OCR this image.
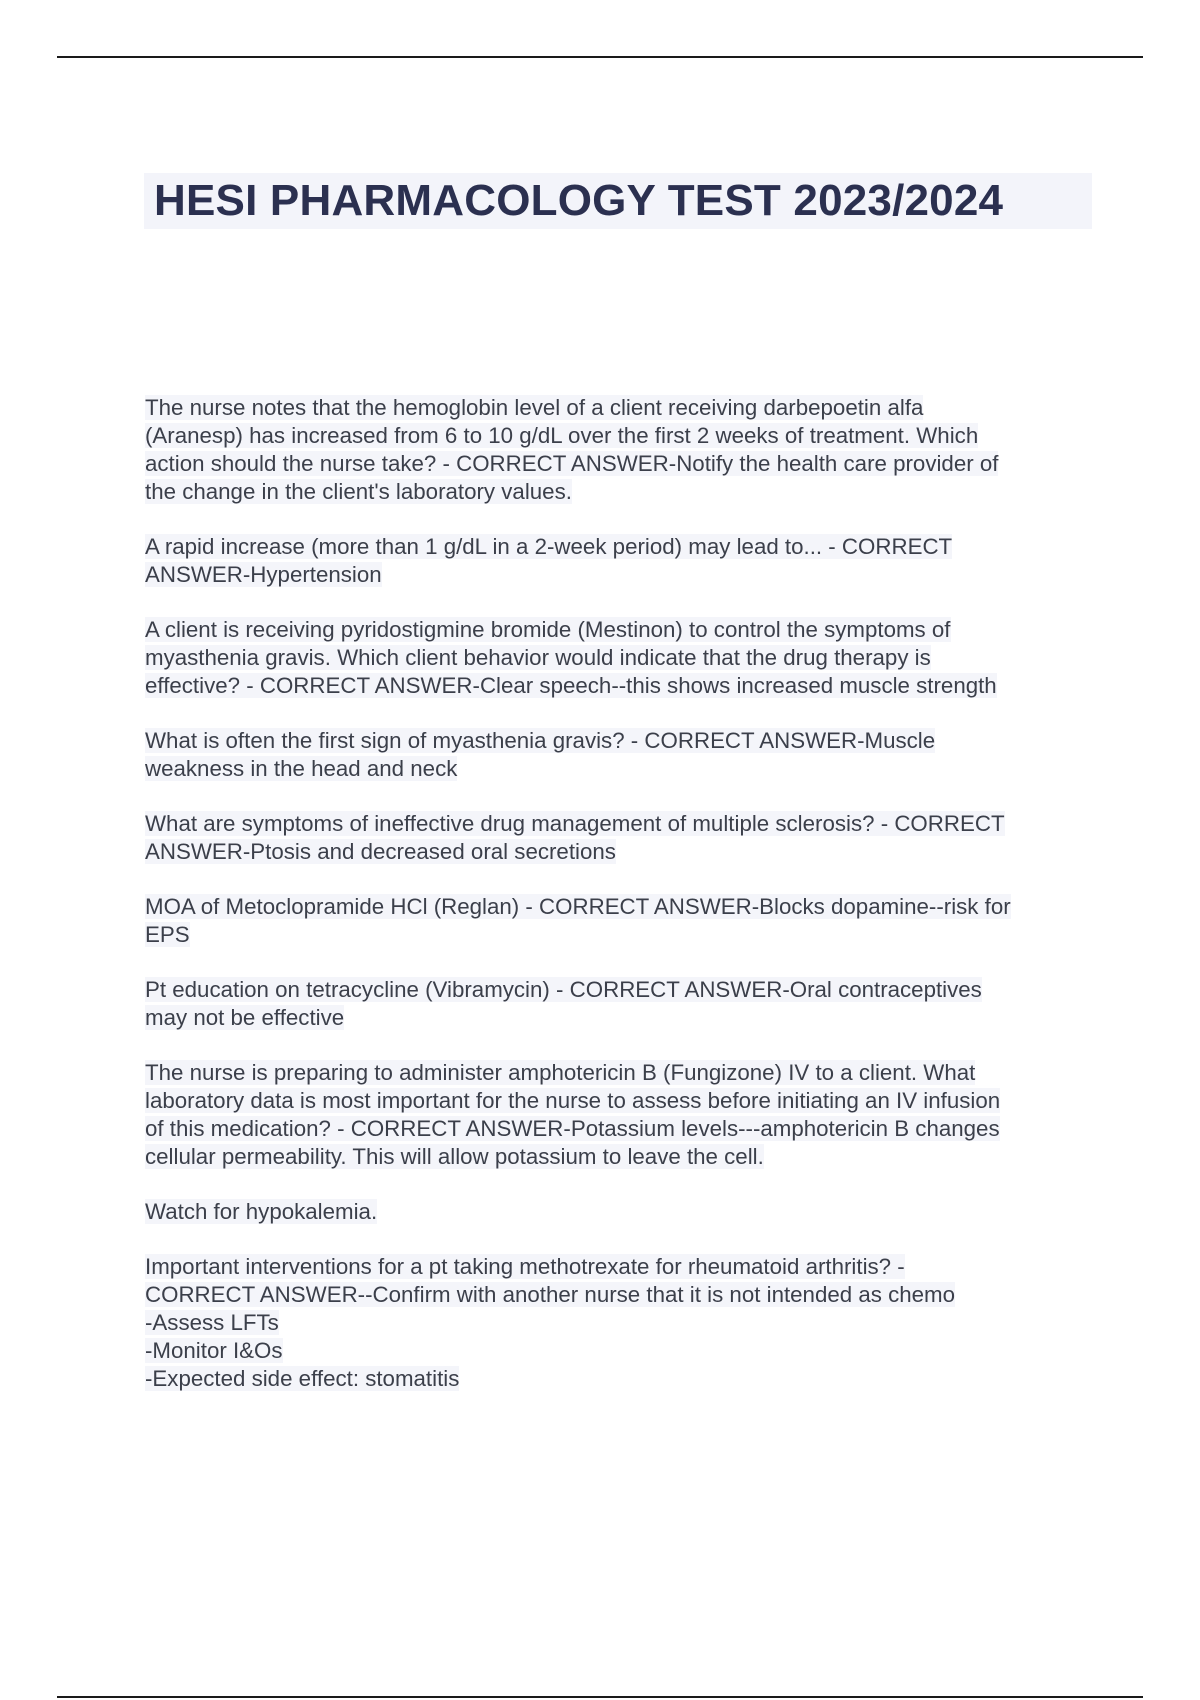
HESI PHARMACOLOGY TEST 2023/2024

The nurse notes that the hemoglobin level of a client receiving darbepoetin alfa
(Aranesp) has increased from 6 to 10 g/dL over the first 2 weeks of treatment. Which
action should the nurse take? - CORRECT ANSWER-Notify the health care provider of
the change in the client's laboratory values.

A rapid increase (more than 1 g/dL in a 2-week period) may lead to... - CORRECT
ANSWER-Hypertension

A client is receiving pyridostigmine bromide (Mestinon) to control the symptoms of
myasthenia gravis. Which client behavior would indicate that the drug therapy is
effective? - CORRECT ANSWER-Clear speech--this shows increased muscle strength

What is often the first sign of myasthenia gravis? - CORRECT ANSWER-Muscle
weakness in the head and neck

What are symptoms of ineffective drug management of multiple sclerosis? - CORRECT
ANSWER-Ptosis and decreased oral secretions

MOA of Metoclopramide HCl (Reglan) - CORRECT ANSWER-Blocks dopamine--risk for
EPS

Pt education on tetracycline (Vibramycin) - CORRECT ANSWER-Oral contraceptives
may not be effective

The nurse is preparing to administer amphotericin B (Fungizone) IV to a client. What
laboratory data is most important for the nurse to assess before initiating an IV infusion
of this medication? - CORRECT ANSWER-Potassium levels---amphotericin B changes
cellular permeability. This will allow potassium to leave the cell.

Watch for hypokalemia.

Important interventions for a pt taking methotrexate for rheumatoid arthritis? -
CORRECT ANSWER--Confirm with another nurse that it is not intended as chemo
-Assess LFTs
-Monitor I&Os
-Expected side effect: stomatitis
